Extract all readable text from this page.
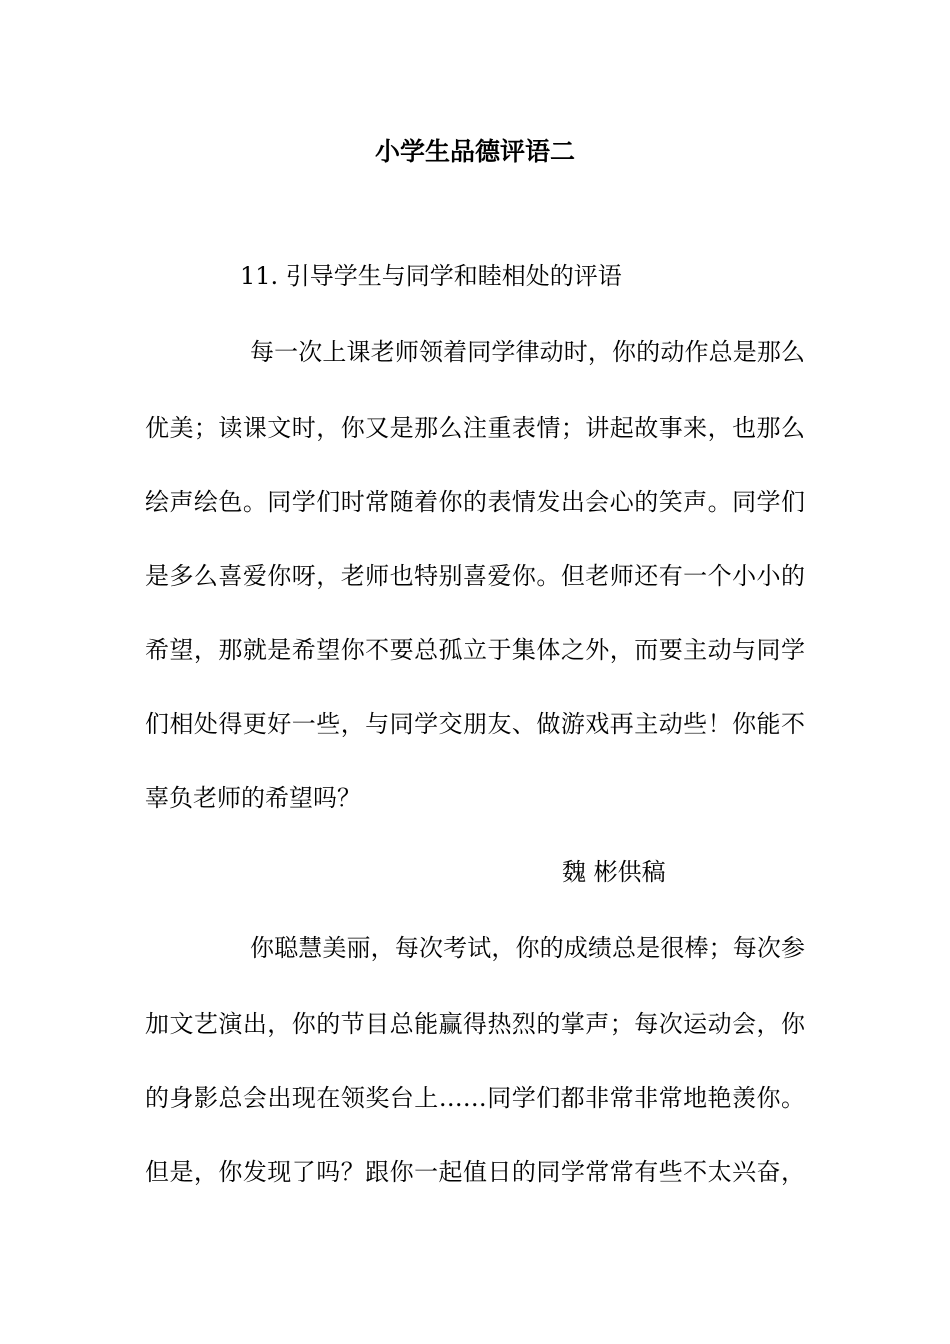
小学生品德评语二
11. 引导学生与同学和睦相处的评语
每一次上课老师领着同学律动时，你的动作总是那么
优美；读课文时，你又是那么注重表情；讲起故事来，也那么
绘声绘色。同学们时常随着你的表情发出会心的笑声。同学们
是多么喜爱你呀，老师也特别喜爱你。但老师还有一个小小的
希望，那就是希望你不要总孤立于集体之外，而要主动与同学
们相处得更好一些，与同学交朋友、做游戏再主动些！你能不
辜负老师的希望吗？
魏 彬供稿
你聪慧美丽，每次考试，你的成绩总是很棒；每次参
加文艺演出，你的节目总能赢得热烈的掌声；每次运动会，你
的身影总会出现在领奖台上……同学们都非常非常地艳羡你。
但是，你发现了吗？跟你一起值日的同学常常有些不太兴奋，
